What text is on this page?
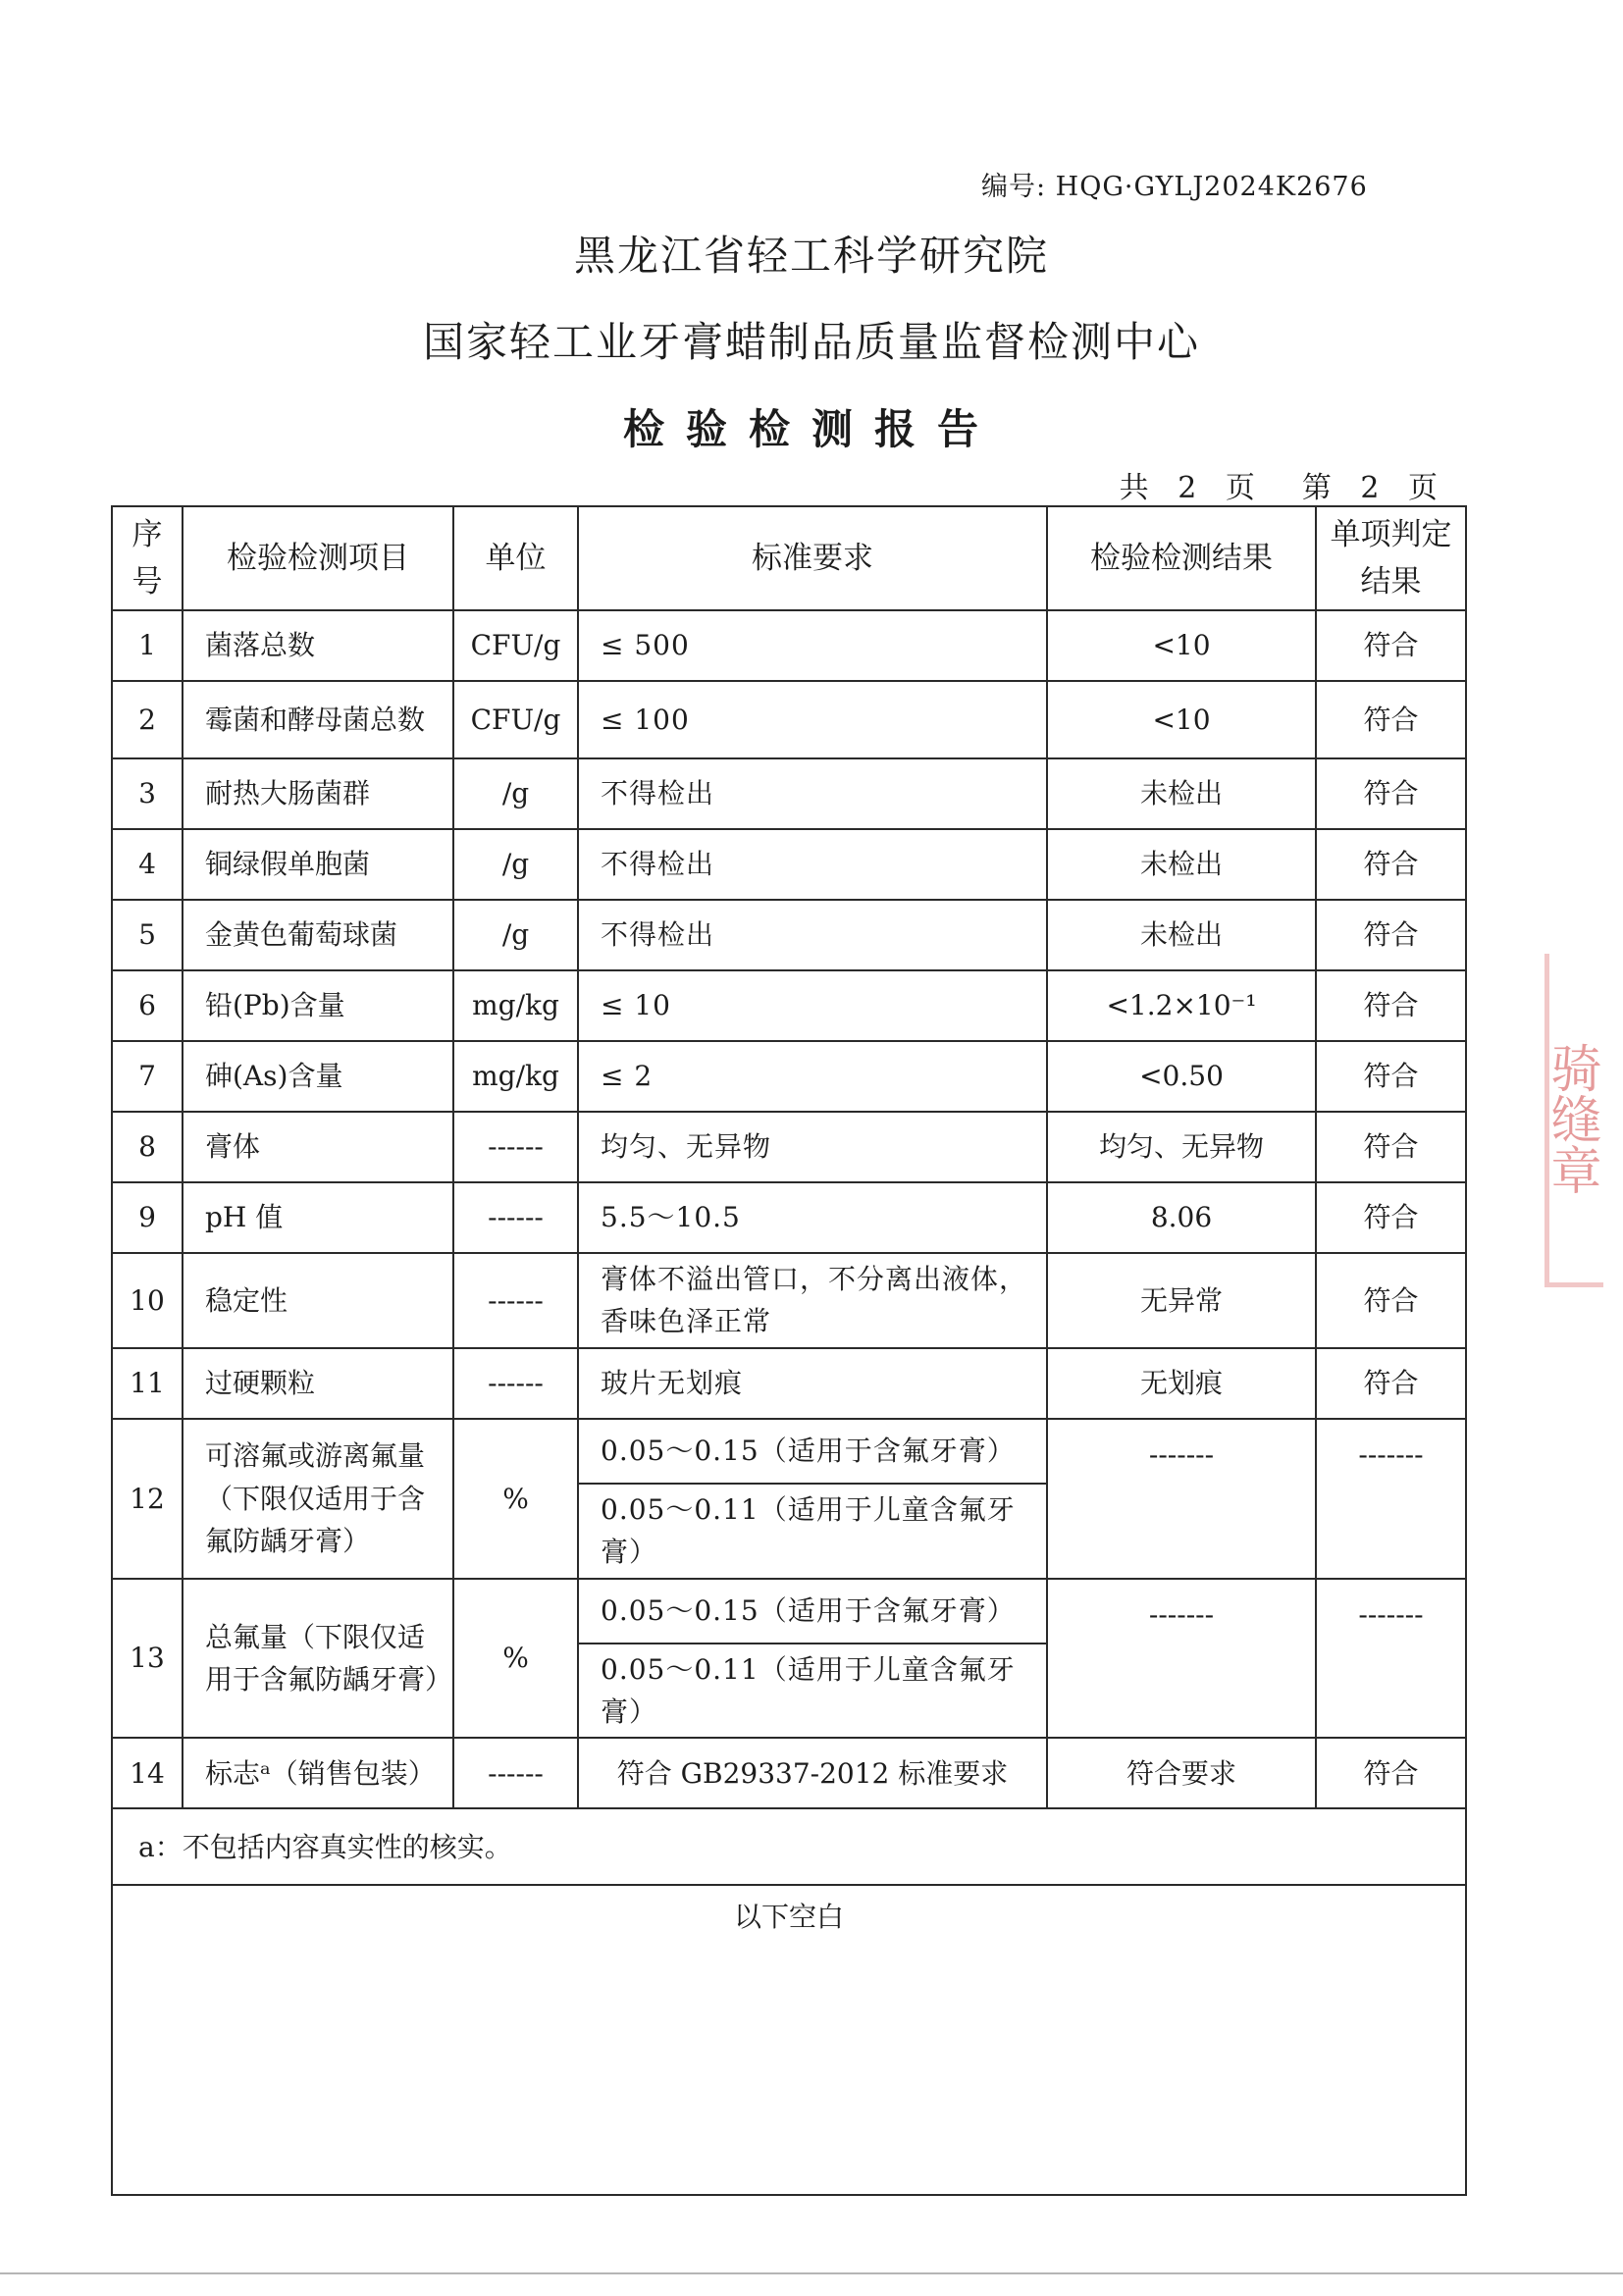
编号: HQG·GYLJ2024K2676
黑龙江省轻工科学研究院
国家轻工业牙膏蜡制品质量监督检测中心
检验检测报告
共 2 页 第 2 页
序号	检验检测项目	单位	标准要求	检验检测结果	单项判定结果
1	菌落总数	CFU/g	≤ 500	<10	符合
2	霉菌和酵母菌总数	CFU/g	≤ 100	<10	符合
3	耐热大肠菌群	/g	不得检出	未检出	符合
4	铜绿假单胞菌	/g	不得检出	未检出	符合
5	金黄色葡萄球菌	/g	不得检出	未检出	符合
6	铅(Pb)含量	mg/kg	≤ 10	<1.2×10⁻¹	符合
7	砷(As)含量	mg/kg	≤ 2	<0.50	符合
8	膏体	------	均匀、无异物	均匀、无异物	符合
9	pH 值	------	5.5～10.5	8.06	符合
10	稳定性	------	膏体不溢出管口，不分离出液体，香味色泽正常	无异常	符合
11	过硬颗粒	------	玻片无划痕	无划痕	符合
12	可溶氟或游离氟量（下限仅适用于含氟防龋牙膏）	%	0.05～0.15（适用于含氟牙膏）	-------	-------
			0.05～0.11（适用于儿童含氟牙膏）		
13	总氟量（下限仅适用于含氟防龋牙膏）	%	0.05～0.15（适用于含氟牙膏）	-------	-------
			0.05～0.11（适用于儿童含氟牙膏）		
14	标志ᵃ（销售包装）	------	符合 GB29337-2012 标准要求	符合要求	符合
a：不包括内容真实性的核实。					
以下空白					
骑缝章
